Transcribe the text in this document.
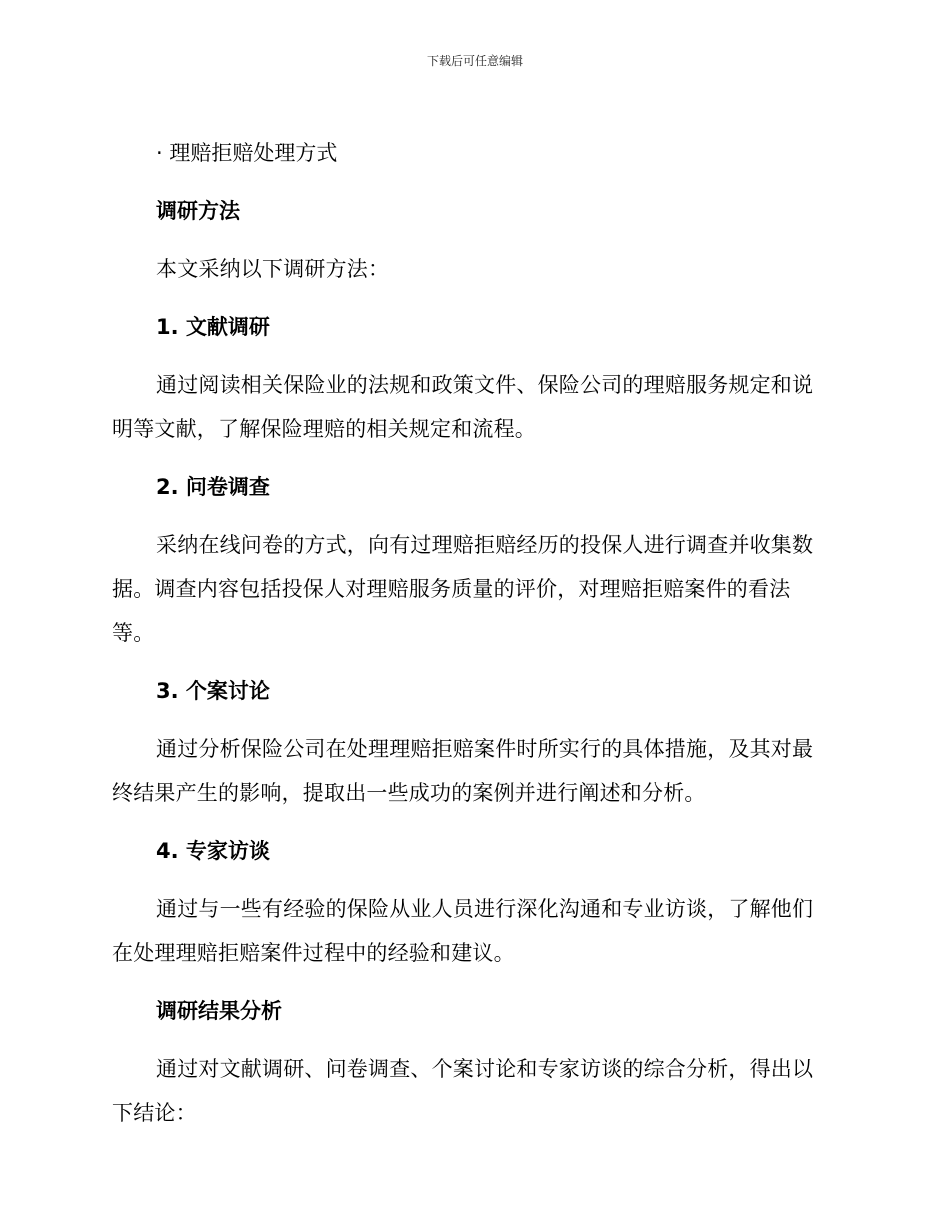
下载后可任意编辑

· 理赔拒赔处理方式

调研方法

本文采纳以下调研方法：

1. 文献调研

通过阅读相关保险业的法规和政策文件、保险公司的理赔服务规定和说明等文献，了解保险理赔的相关规定和流程。

2. 问卷调查

采纳在线问卷的方式，向有过理赔拒赔经历的投保人进行调查并收集数据。调查内容包括投保人对理赔服务质量的评价，对理赔拒赔案件的看法等。

3. 个案讨论

通过分析保险公司在处理理赔拒赔案件时所实行的具体措施，及其对最终结果产生的影响，提取出一些成功的案例并进行阐述和分析。

4. 专家访谈

通过与一些有经验的保险从业人员进行深化沟通和专业访谈，了解他们在处理理赔拒赔案件过程中的经验和建议。

调研结果分析

通过对文献调研、问卷调查、个案讨论和专家访谈的综合分析，得出以下结论：
